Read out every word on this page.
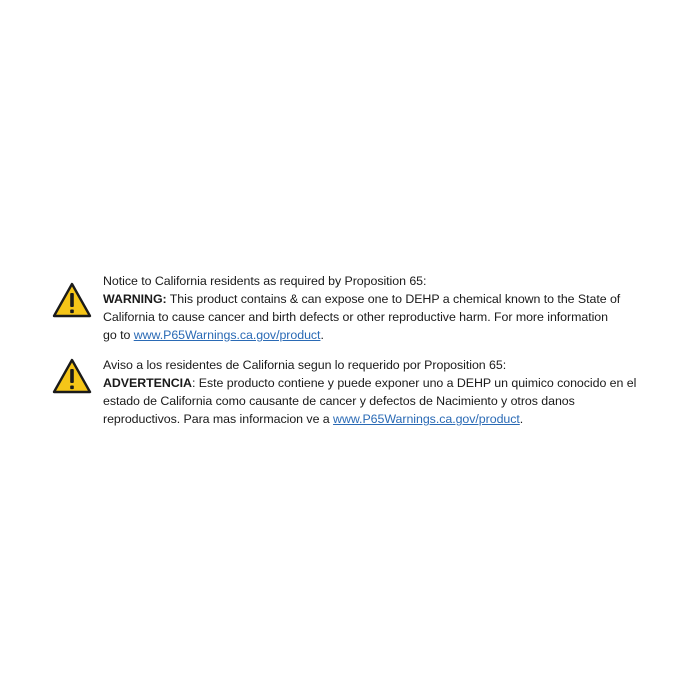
Notice to California residents as required by Proposition 65:
WARNING: This product contains & can expose one to DEHP a chemical known to the State of
California to cause cancer and birth defects or other reproductive harm. For more information
go to www.P65Warnings.ca.gov/product.
Aviso a los residentes de California segun lo requerido por Proposition 65:
ADVERTENCIA: Este producto contiene y puede exponer uno a DEHP un quimico conocido en el
estado de California como causante de cancer y defectos de Nacimiento y otros danos
reproductivos. Para mas informacion ve a www.P65Warnings.ca.gov/product.
